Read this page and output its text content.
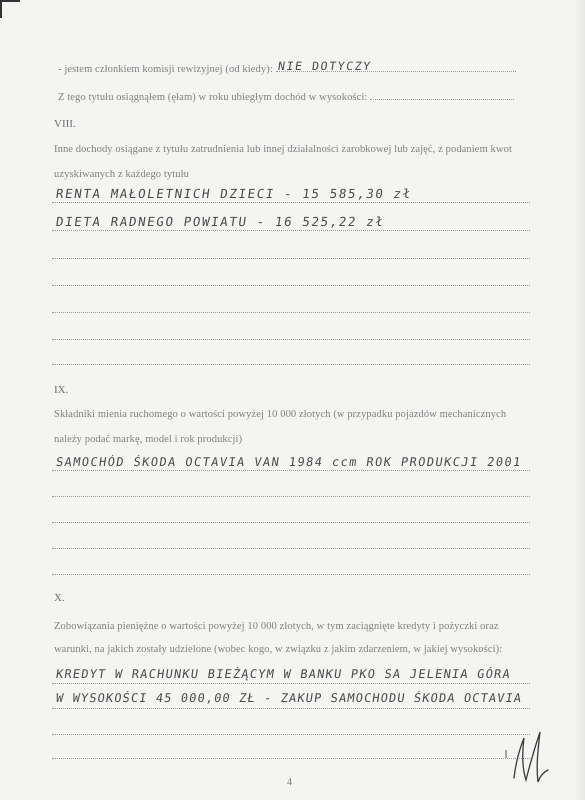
- jestem członkiem komisji rewizyjnej (od kiedy): NIE DOTYCZY
Z tego tytułu osiągnąłem (ęłam) w roku ubiegłym dochód w wysokości:
VIII.
Inne dochody osiągane z tytułu zatrudnienia lub innej działalności zarobkowej lub zajęć, z podaniem kwot
uzyskiwanych z każdego tytułu
RENTA MAŁOLETNICH DZIECI - 15 585,30 zł
DIETA RADNEGO POWIATU - 16 525,22 zł
IX.
Składniki mienia ruchomego o wartości powyżej 10 000 złotych (w przypadku pojazdów mechanicznych
należy podać markę, model i rok produkcji)
SAMOCHÓD ŚKODA OCTAVIA VAN 1984 ccm ROK PRODUKCJI 2001
X.
Zobowiązania pieniężne o wartości powyżej 10 000 złotych, w tym zaciągnięte kredyty i pożyczki oraz
warunki, na jakich zostały udzielone (wobec kogo, w związku z jakim zdarzeniem, w jakiej wysokości):
KREDYT W RACHUNKU BIEŻĄCYM W BANKU PKO SA JELENIA GÓRA
W WYSOKOŚCI 45 000,00 ZŁ - ZAKUP SAMOCHODU ŚKODA OCTAVIA
4
